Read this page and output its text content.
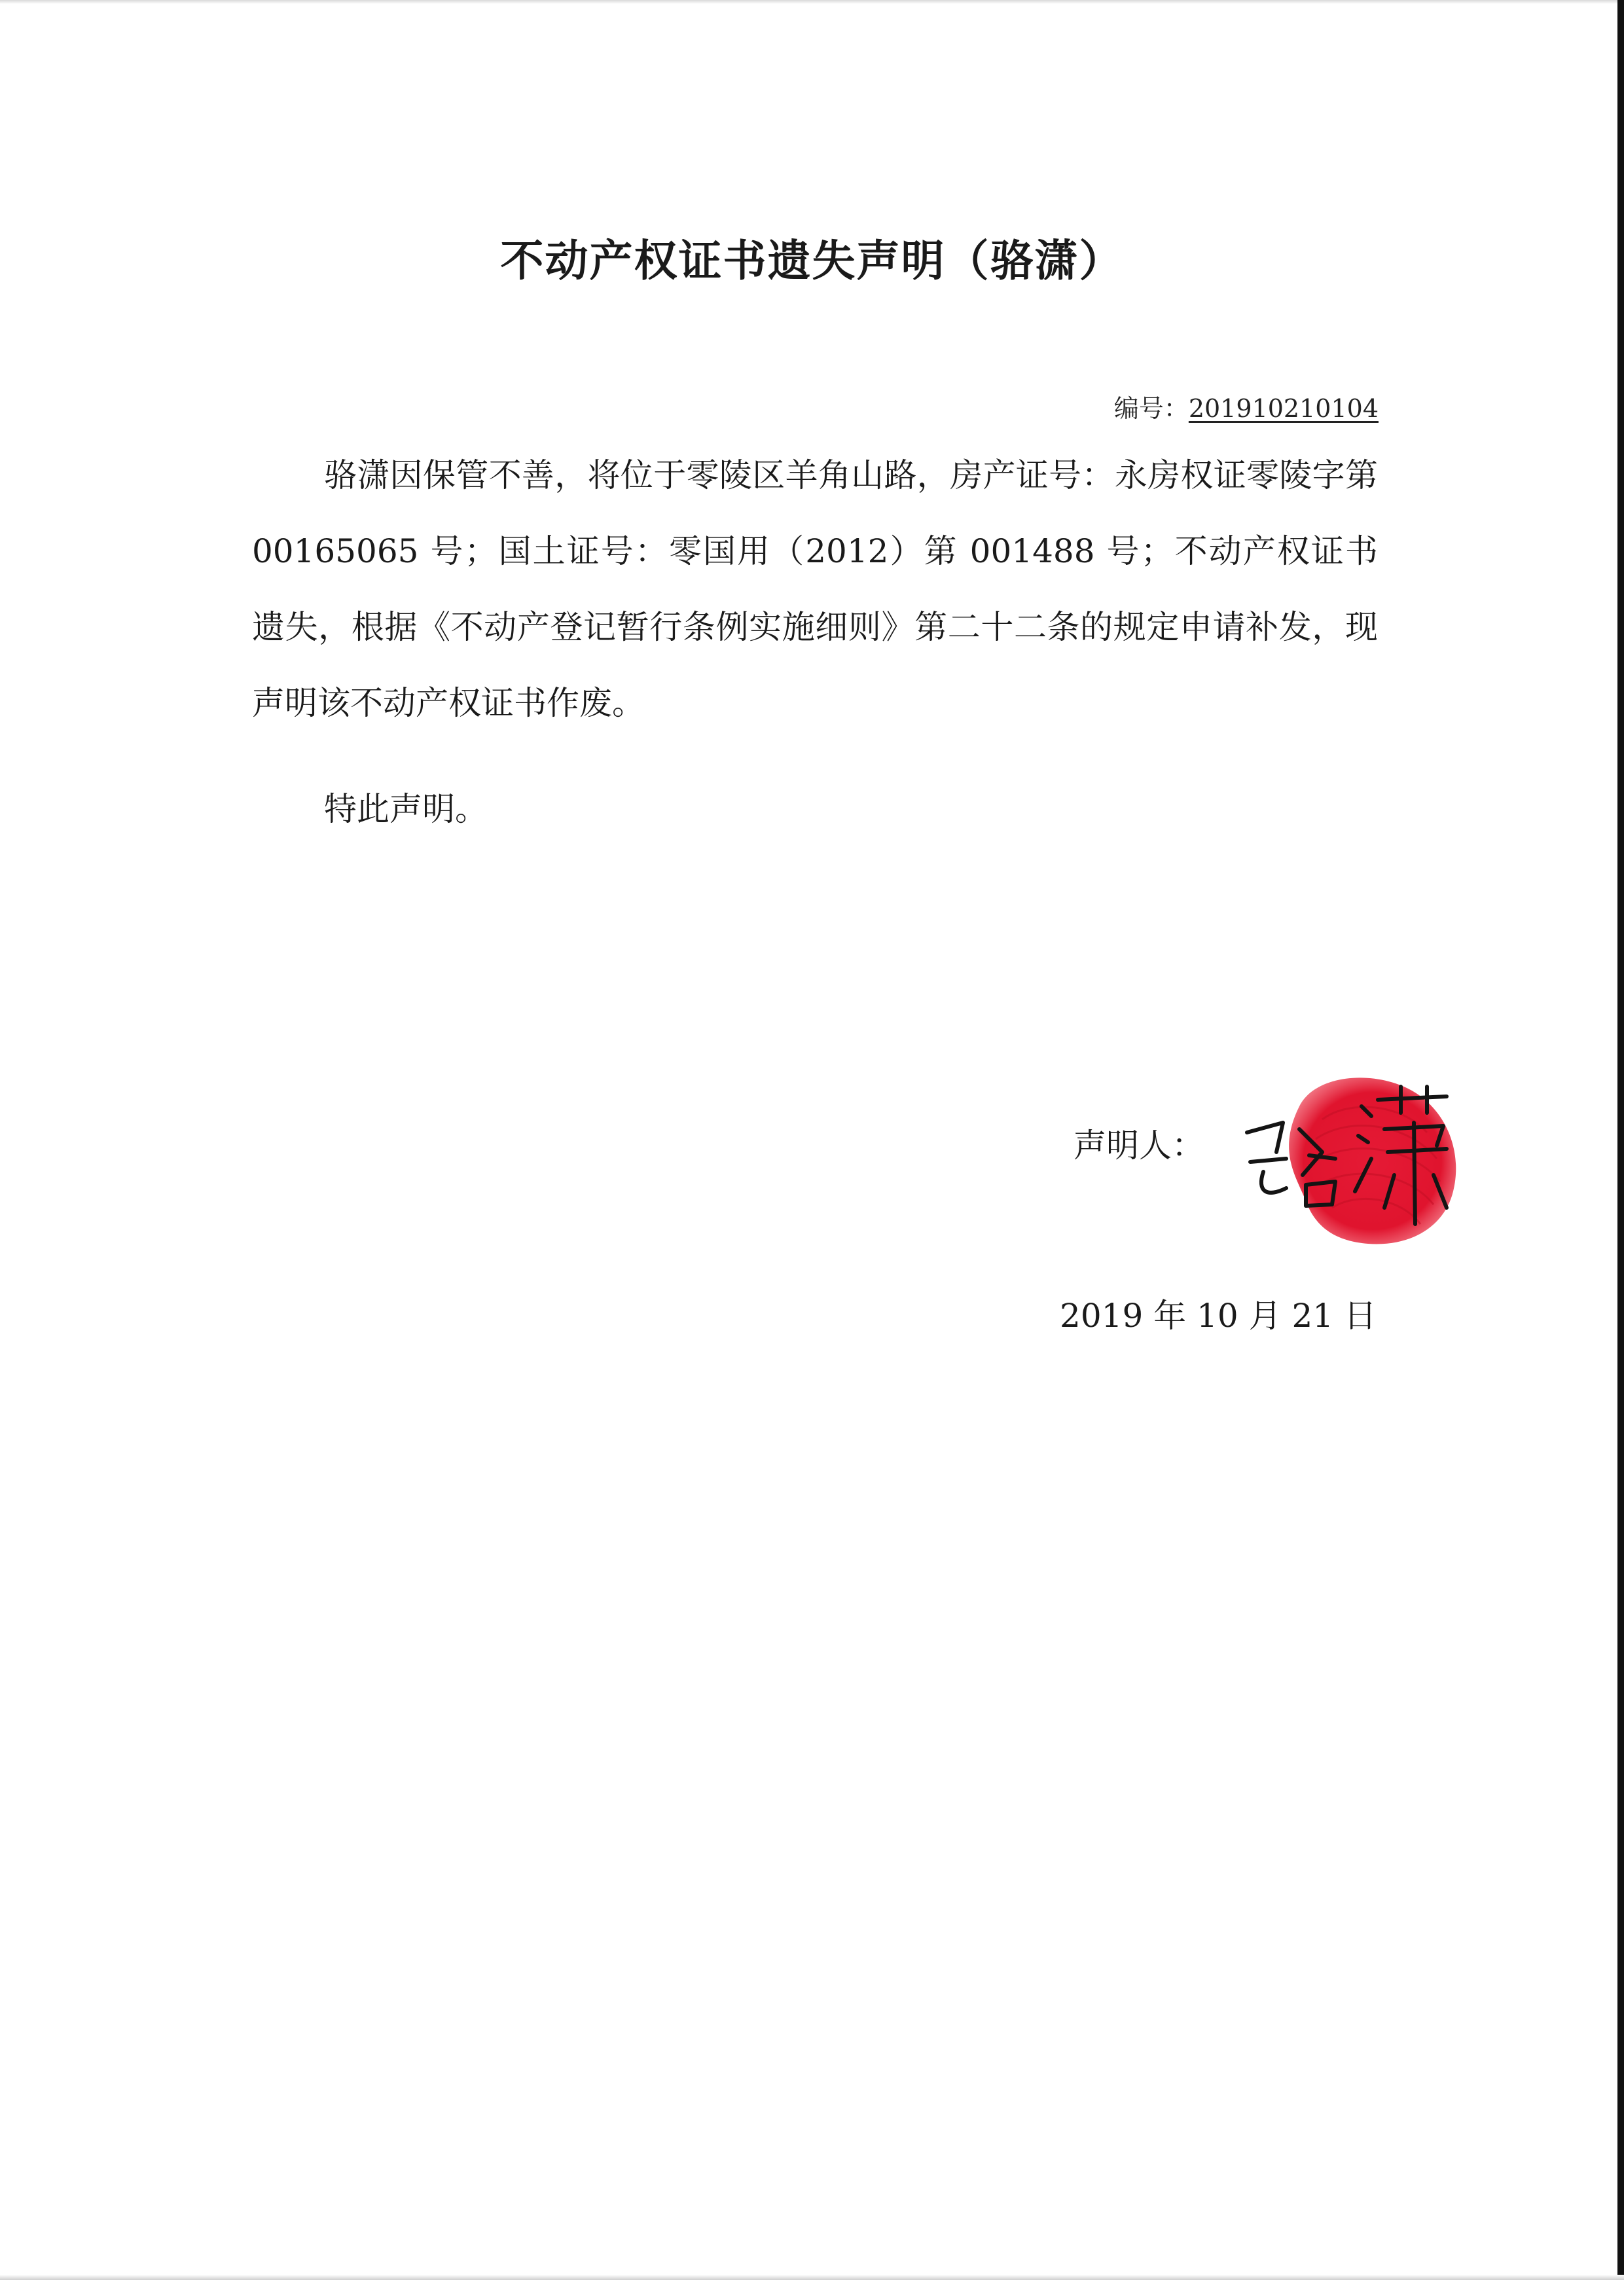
不动产权证书遗失声明（骆潇）
编号：201910210104

骆潇因保管不善，将位于零陵区羊角山路，房产证号：永房权证零陵字第 00165065 号；国土证号：零国用（2012）第 001488 号；不动产权证书遗失，根据《不动产登记暂行条例实施细则》第二十二条的规定申请补发，现声明该不动产权证书作废。

特此声明。

声明人：
2019 年 10 月 21 日
